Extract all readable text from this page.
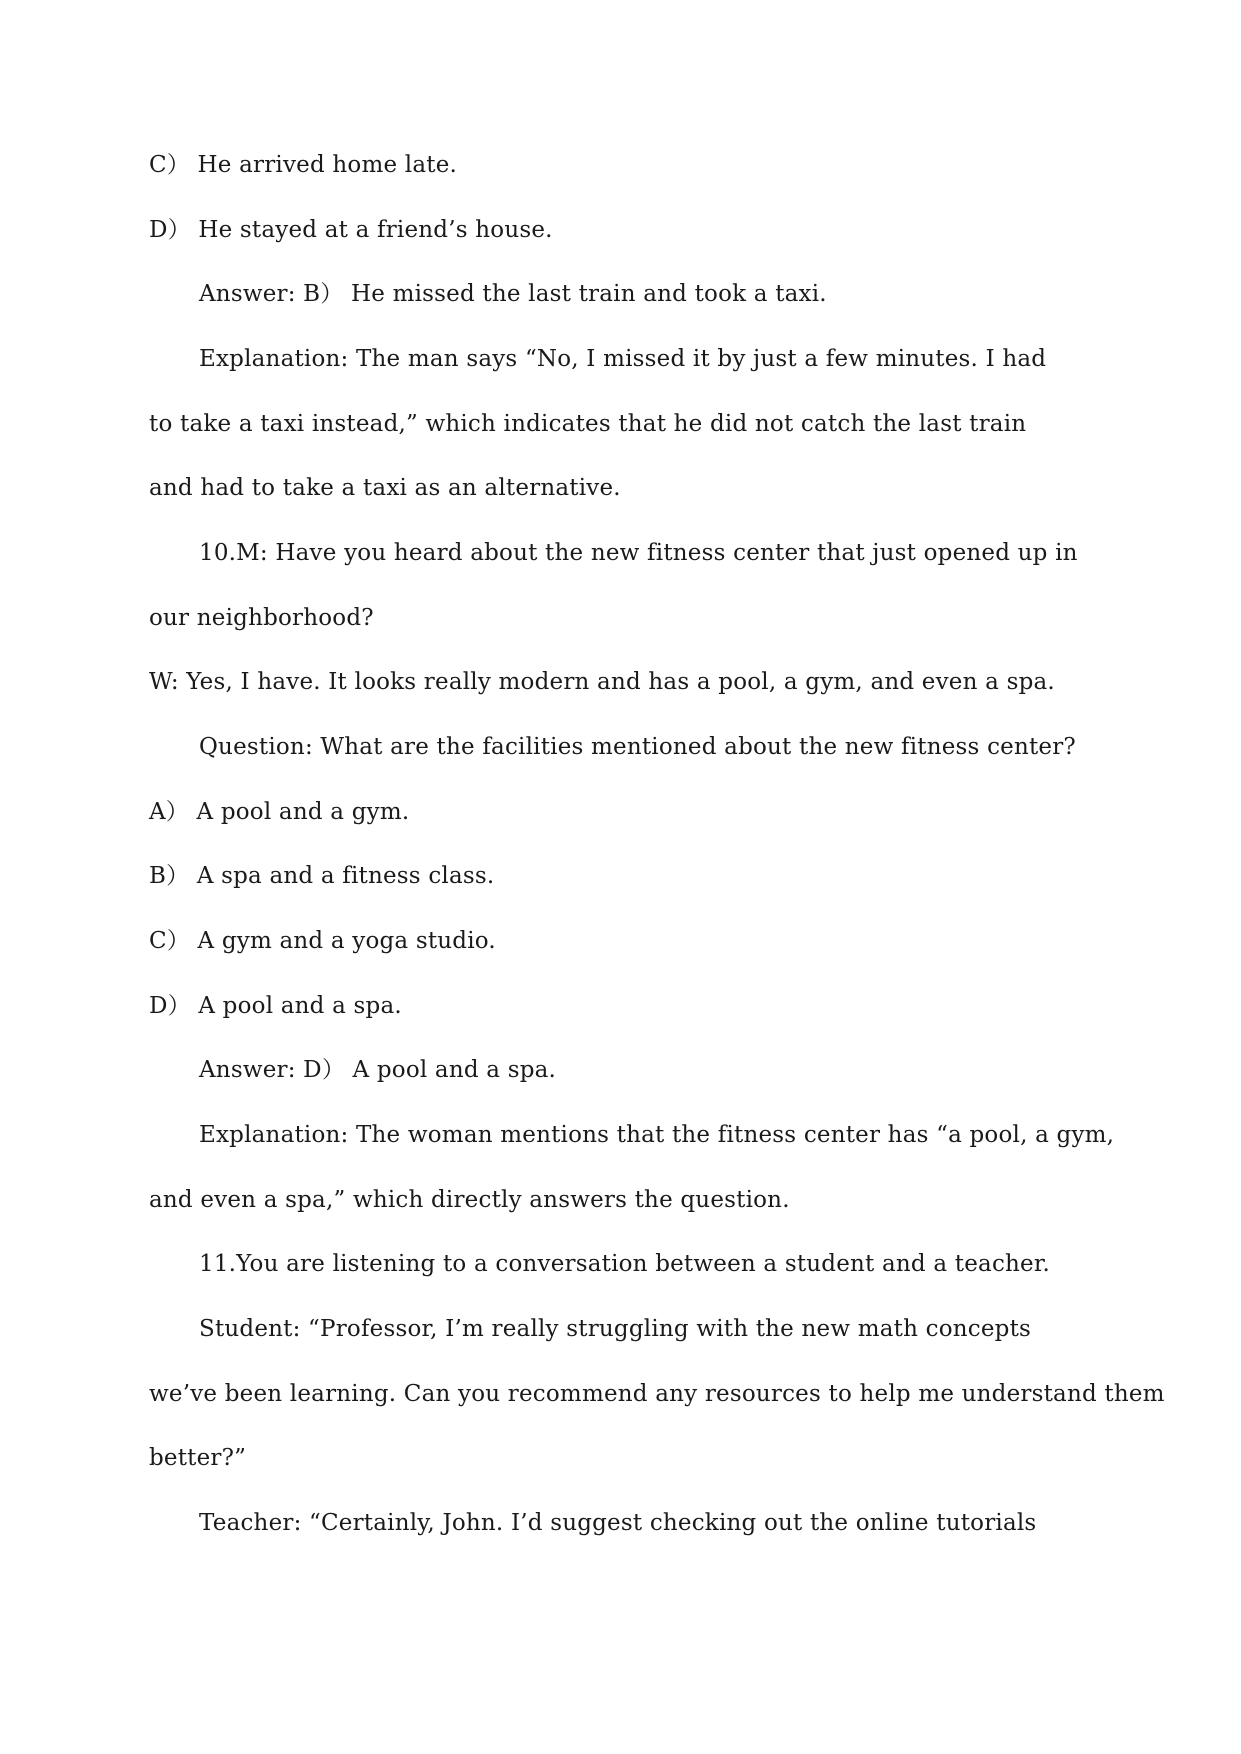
C） He arrived home late.
D） He stayed at a friend’s house.
Answer: B） He missed the last train and took a taxi.
Explanation: The man says “No, I missed it by just a few minutes. I had
to take a taxi instead,” which indicates that he did not catch the last train
and had to take a taxi as an alternative.
10.M: Have you heard about the new fitness center that just opened up in
our neighborhood?
W: Yes, I have. It looks really modern and has a pool, a gym, and even a spa.
Question: What are the facilities mentioned about the new fitness center?
A） A pool and a gym.
B） A spa and a fitness class.
C） A gym and a yoga studio.
D） A pool and a spa.
Answer: D） A pool and a spa.
Explanation: The woman mentions that the fitness center has “a pool, a gym,
and even a spa,” which directly answers the question.
11.You are listening to a conversation between a student and a teacher.
Student: “Professor, I’m really struggling with the new math concepts
we’ve been learning. Can you recommend any resources to help me understand them
better?”
Teacher: “Certainly, John. I’d suggest checking out the online tutorials
